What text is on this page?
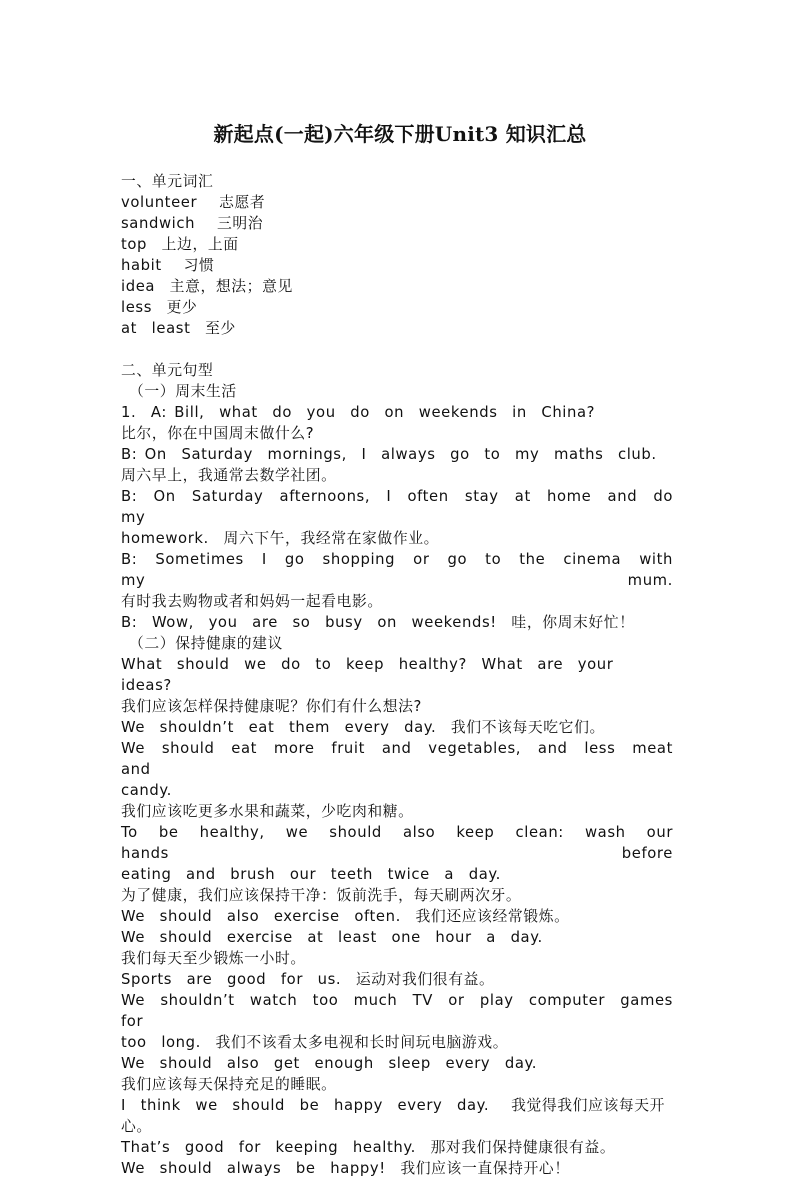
新起点(一起)六年级下册Unit3 知识汇总
一、单元词汇
volunteer   志愿者
sandwich   三明治
top  上边，上面
habit   习惯
idea  主意，想法；意见
less  更少
at  least  至少
二、单元句型
（一）周末生活
1.  A: Bill,  what  do  you  do  on  weekends  in  China?
比尔，你在中国周末做什么?
B: On  Saturday  mornings,  I  always  go  to  my  maths  club.
周六早上，我通常去数学社团。
B:  On  Saturday  afternoons,  I  often  stay  at  home  and  do  my
homework.  周六下午，我经常在家做作业。
B:  Sometimes  I  go  shopping  or  go  to  the  cinema  with  my  mum.
有时我去购物或者和妈妈一起看电影。
B:  Wow,  you  are  so  busy  on  weekends!  哇，你周末好忙！
（二）保持健康的建议
What  should  we  do  to  keep  healthy?  What  are  your  ideas?
我们应该怎样保持健康呢？你们有什么想法?
We  shouldn’t  eat  them  every  day.  我们不该每天吃它们。
We  should  eat  more  fruit  and  vegetables,  and  less  meat  and
candy.
我们应该吃更多水果和蔬菜，少吃肉和糖。
To  be  healthy,  we  should  also  keep  clean:  wash  our  hands  before
eating  and  brush  our  teeth  twice  a  day.
为了健康，我们应该保持干净：饭前洗手，每天刷两次牙。
We  should  also  exercise  often.  我们还应该经常锻炼。
We  should  exercise  at  least  one  hour  a  day.
我们每天至少锻炼一小时。
Sports  are  good  for  us.  运动对我们很有益。
We  shouldn’t  watch  too  much  TV  or  play  computer  games  for
too  long.  我们不该看太多电视和长时间玩电脑游戏。
We  should  also  get  enough  sleep  every  day.
我们应该每天保持充足的睡眠。
I  think  we  should  be  happy  every  day.   我觉得我们应该每天开心。
That’s  good  for  keeping  healthy.  那对我们保持健康很有益。
We  should  always  be  happy!  我们应该一直保持开心！
